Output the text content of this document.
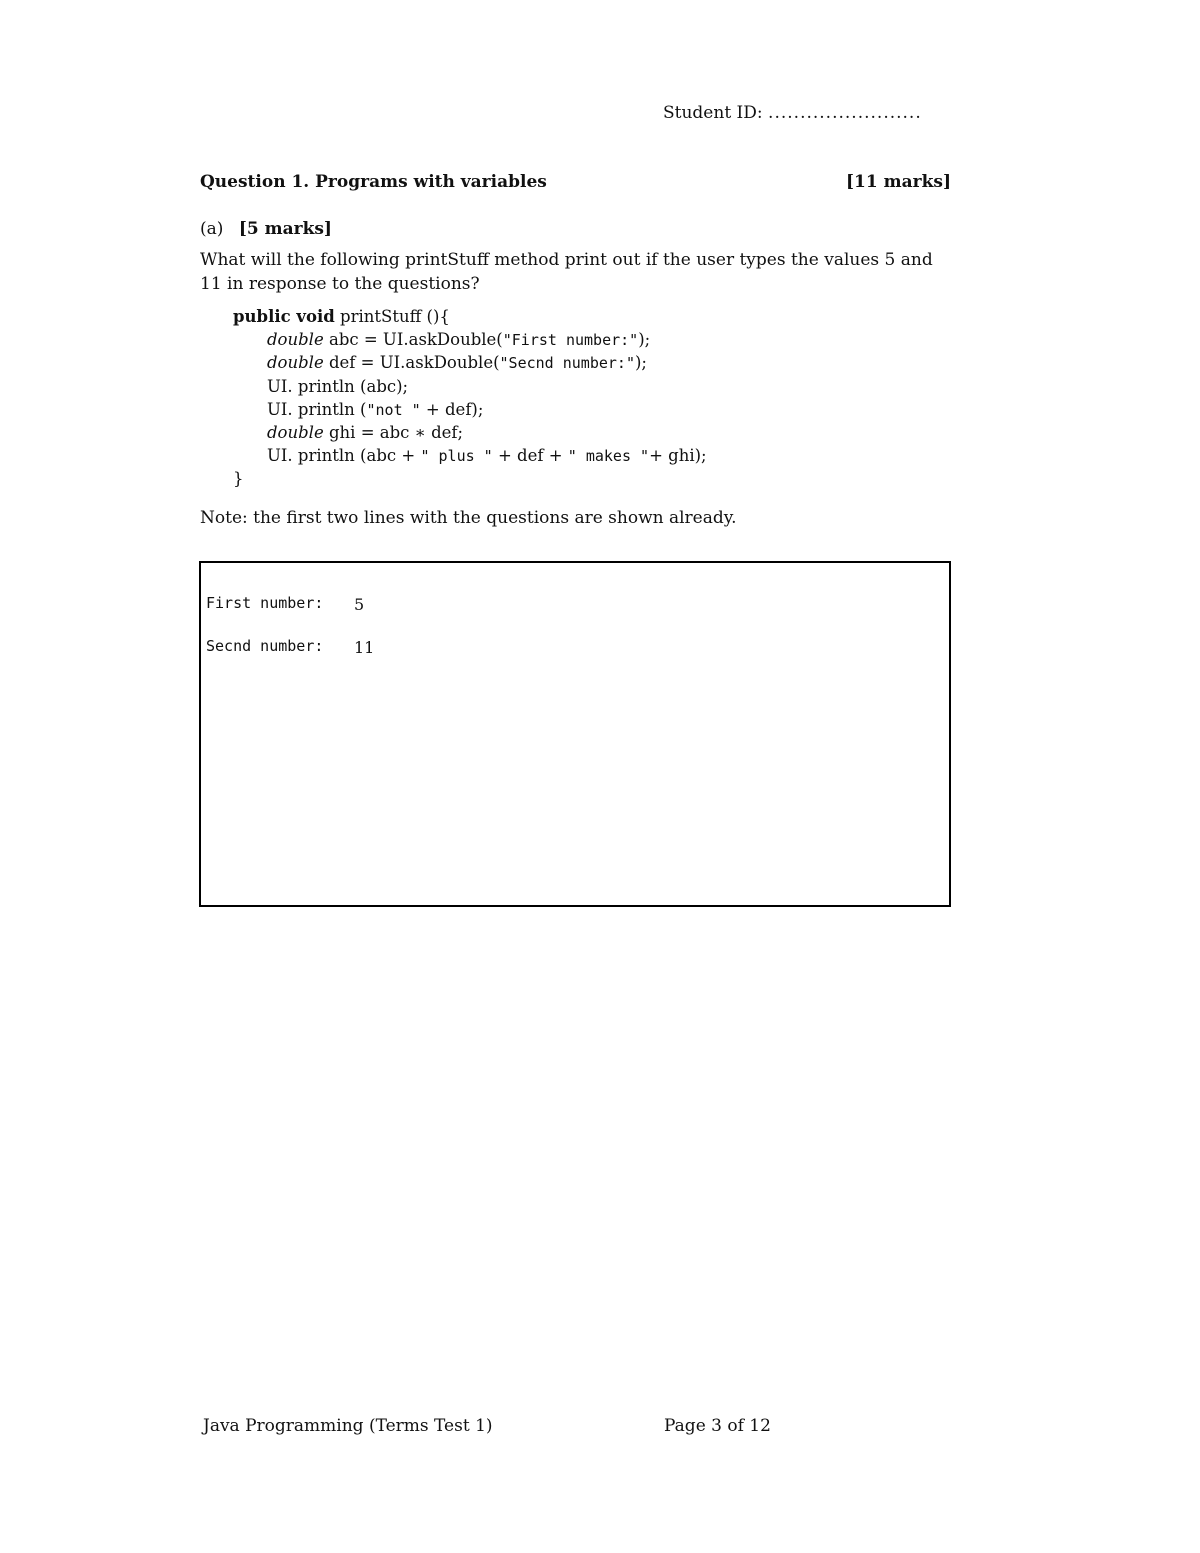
Student ID: ........................
Question 1. Programs with variables	[11 marks]
(a) [5 marks]
What will the following printStuff method print out if the user types the values 5 and 11 in response to the questions?
public void printStuff (){
double abc = UI.askDouble("First number:");
double def = UI.askDouble("Secnd number:");
UI. println (abc);
UI. println ("not " + def);
double ghi = abc ∗ def;
UI. println (abc + " plus " + def + " makes "+ ghi);
}
Note: the first two lines with the questions are shown already.
First number: 5
Secnd number: 11
Java Programming (Terms Test 1)	Page 3 of 12
